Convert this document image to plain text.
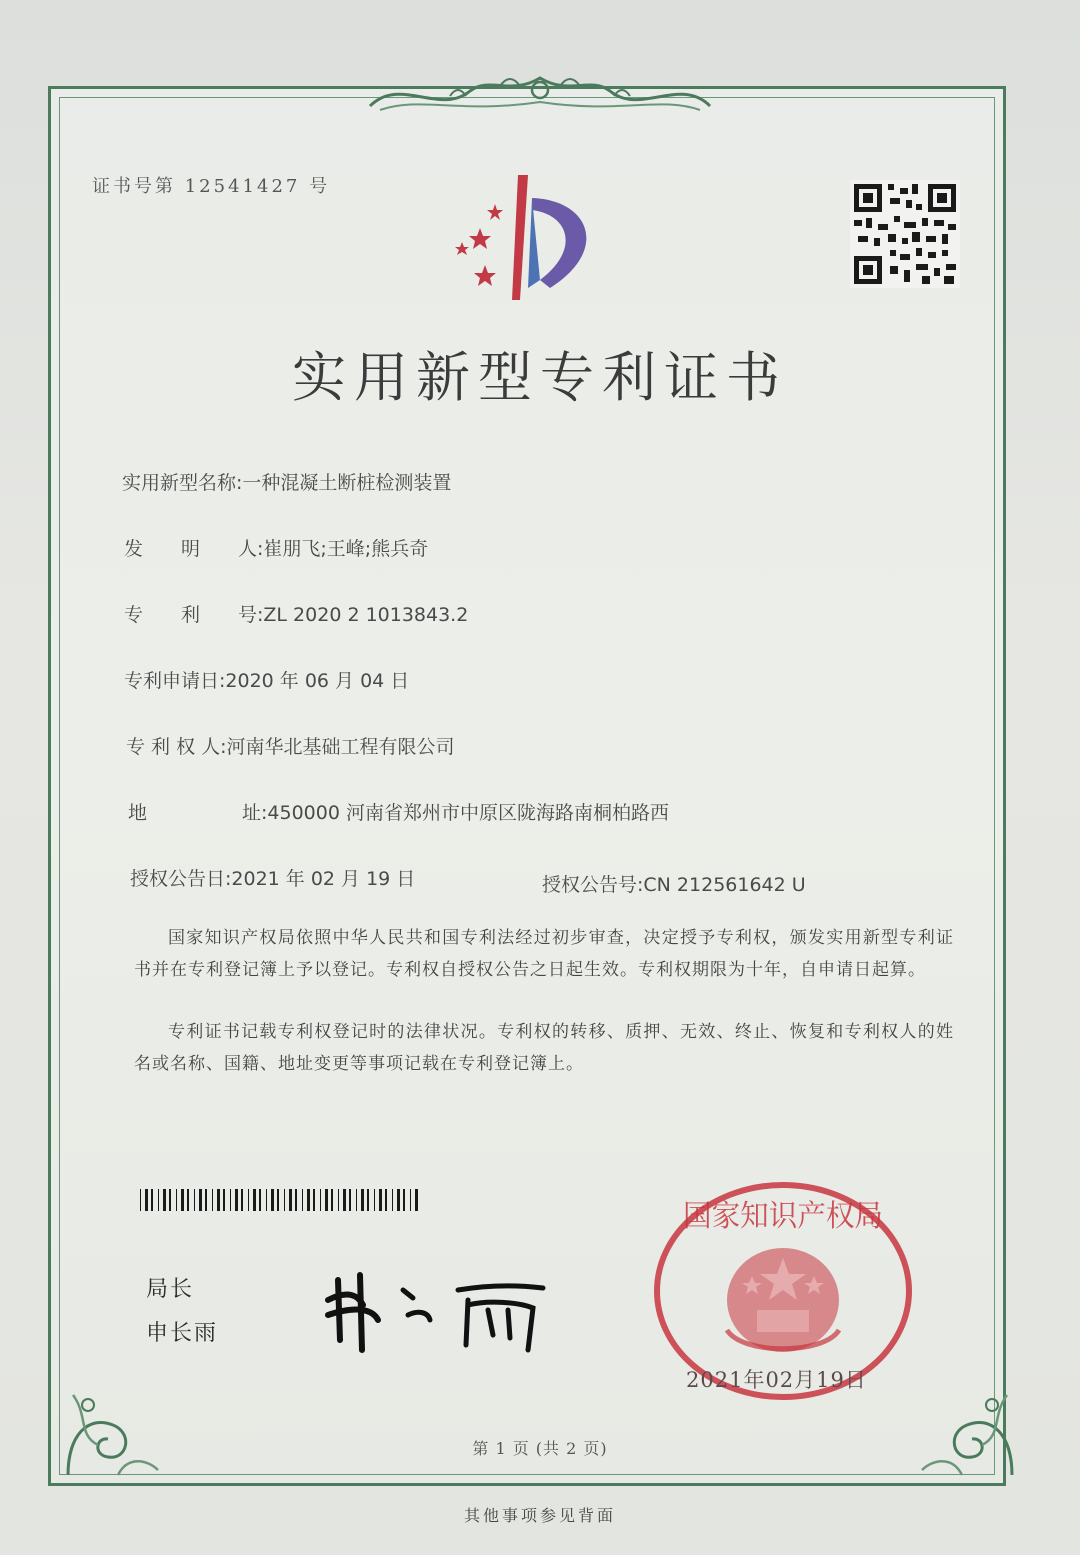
证书号第 12541427 号
实用新型专利证书
实用新型名称:一种混凝土断桩检测装置
发　　明　　人:崔朋飞;王峰;熊兵奇
专　　利　　号:ZL 2020 2 1013843.2
专利申请日:2020 年 06 月 04 日
专 利 权 人:河南华北基础工程有限公司
地　　　　　址:450000 河南省郑州市中原区陇海路南桐柏路西
授权公告日:2021 年 02 月 19 日	授权公告号:CN 212561642 U
国家知识产权局依照中华人民共和国专利法经过初步审查，决定授予专利权，颁发实用新型专利证书并在专利登记簿上予以登记。专利权自授权公告之日起生效。专利权期限为十年，自申请日起算。
专利证书记载专利权登记时的法律状况。专利权的转移、质押、无效、终止、恢复和专利权人的姓名或名称、国籍、地址变更等事项记载在专利登记簿上。
局长
申长雨
国家知识产权局
2021年02月19日
第 1 页 (共 2 页)
其他事项参见背面
